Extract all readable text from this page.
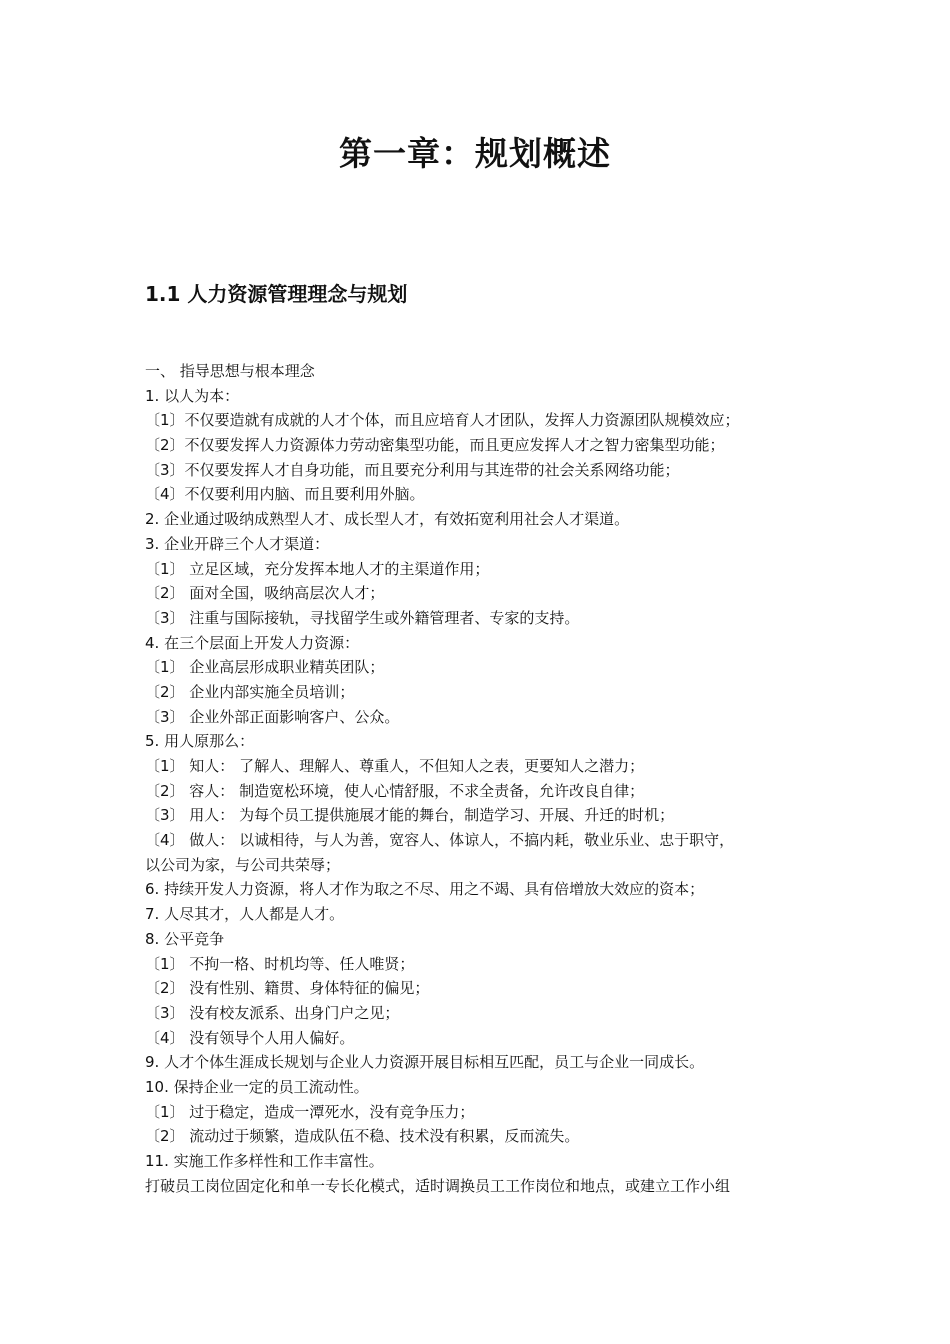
第一章：规划概述
1.1 人力资源管理理念与规划
一、 指导思想与根本理念
1. 以人为本：
〔1〕不仅要造就有成就的人才个体，而且应培育人才团队，发挥人力资源团队规模效应；
〔2〕不仅要发挥人力资源体力劳动密集型功能，而且更应发挥人才之智力密集型功能；
〔3〕不仅要发挥人才自身功能，而且要充分利用与其连带的社会关系网络功能；
〔4〕不仅要利用内脑、而且要利用外脑。
2. 企业通过吸纳成熟型人才、成长型人才，有效拓宽利用社会人才渠道。
3. 企业开辟三个人才渠道：
〔1〕 立足区域，充分发挥本地人才的主渠道作用；
〔2〕 面对全国，吸纳高层次人才；
〔3〕 注重与国际接轨，寻找留学生或外籍管理者、专家的支持。
4. 在三个层面上开发人力资源：
〔1〕 企业高层形成职业精英团队；
〔2〕 企业内部实施全员培训；
〔3〕 企业外部正面影响客户、公众。
5. 用人原那么：
〔1〕 知人： 了解人、理解人、尊重人，不但知人之表，更要知人之潜力；
〔2〕 容人： 制造宽松环境，使人心情舒服，不求全责备，允许改良自律；
〔3〕 用人： 为每个员工提供施展才能的舞台，制造学习、开展、升迁的时机；
〔4〕 做人： 以诚相待，与人为善，宽容人、体谅人，不搞内耗，敬业乐业、忠于职守，
以公司为家，与公司共荣辱；
6. 持续开发人力资源，将人才作为取之不尽、用之不竭、具有倍增放大效应的资本；
7. 人尽其才，人人都是人才。
8. 公平竞争
〔1〕 不拘一格、时机均等、任人唯贤；
〔2〕 没有性别、籍贯、身体特征的偏见；
〔3〕 没有校友派系、出身门户之见；
〔4〕 没有领导个人用人偏好。
9. 人才个体生涯成长规划与企业人力资源开展目标相互匹配，员工与企业一同成长。
10. 保持企业一定的员工流动性。
〔1〕 过于稳定，造成一潭死水，没有竞争压力；
〔2〕 流动过于频繁，造成队伍不稳、技术没有积累，反而流失。
11. 实施工作多样性和工作丰富性。
打破员工岗位固定化和单一专长化模式，适时调换员工工作岗位和地点，或建立工作小组
